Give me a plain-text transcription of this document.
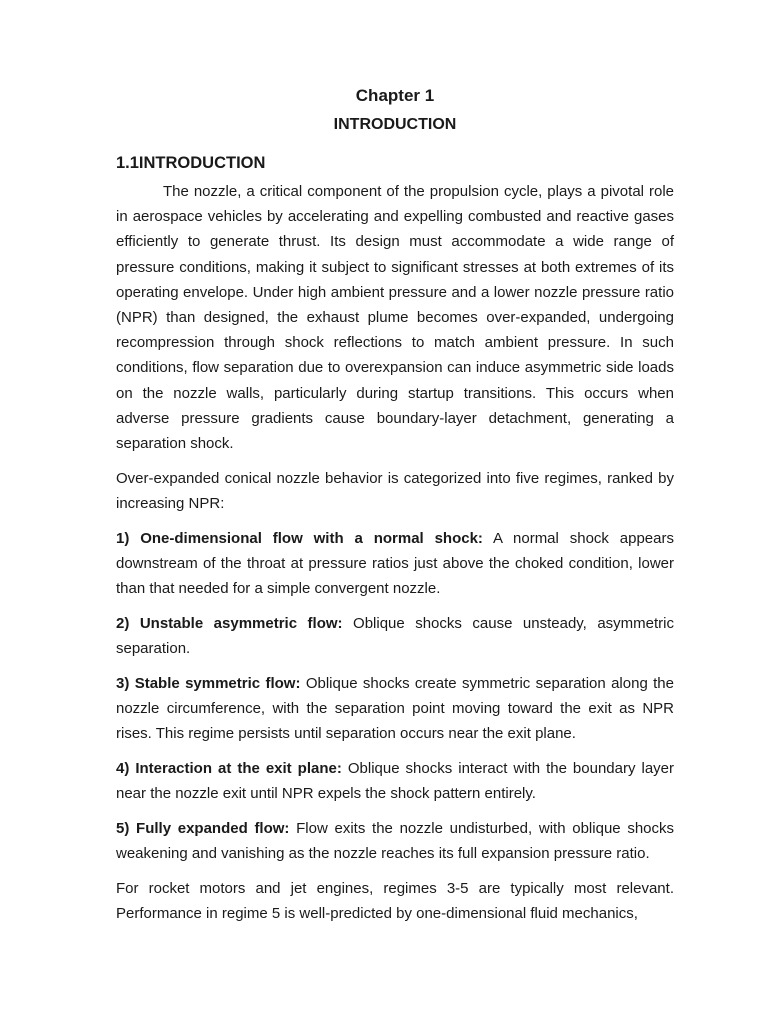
Chapter 1
INTRODUCTION
1.1INTRODUCTION

The nozzle, a critical component of the propulsion cycle, plays a pivotal role in aerospace vehicles by accelerating and expelling combusted and reactive gases efficiently to generate thrust. Its design must accommodate a wide range of pressure conditions, making it subject to significant stresses at both extremes of its operating envelope. Under high ambient pressure and a lower nozzle pressure ratio (NPR) than designed, the exhaust plume becomes over-expanded, undergoing recompression through shock reflections to match ambient pressure. In such conditions, flow separation due to overexpansion can induce asymmetric side loads on the nozzle walls, particularly during startup transitions. This occurs when adverse pressure gradients cause boundary-layer detachment, generating a separation shock.

Over-expanded conical nozzle behavior is categorized into five regimes, ranked by increasing NPR:

1) One-dimensional flow with a normal shock: A normal shock appears downstream of the throat at pressure ratios just above the choked condition, lower than that needed for a simple convergent nozzle.

2) Unstable asymmetric flow: Oblique shocks cause unsteady, asymmetric separation.

3) Stable symmetric flow: Oblique shocks create symmetric separation along the nozzle circumference, with the separation point moving toward the exit as NPR rises. This regime persists until separation occurs near the exit plane.

4) Interaction at the exit plane: Oblique shocks interact with the boundary layer near the nozzle exit until NPR expels the shock pattern entirely.

5) Fully expanded flow: Flow exits the nozzle undisturbed, with oblique shocks weakening and vanishing as the nozzle reaches its full expansion pressure ratio.

For rocket motors and jet engines, regimes 3-5 are typically most relevant. Performance in regime 5 is well-predicted by one-dimensional fluid mechanics,
